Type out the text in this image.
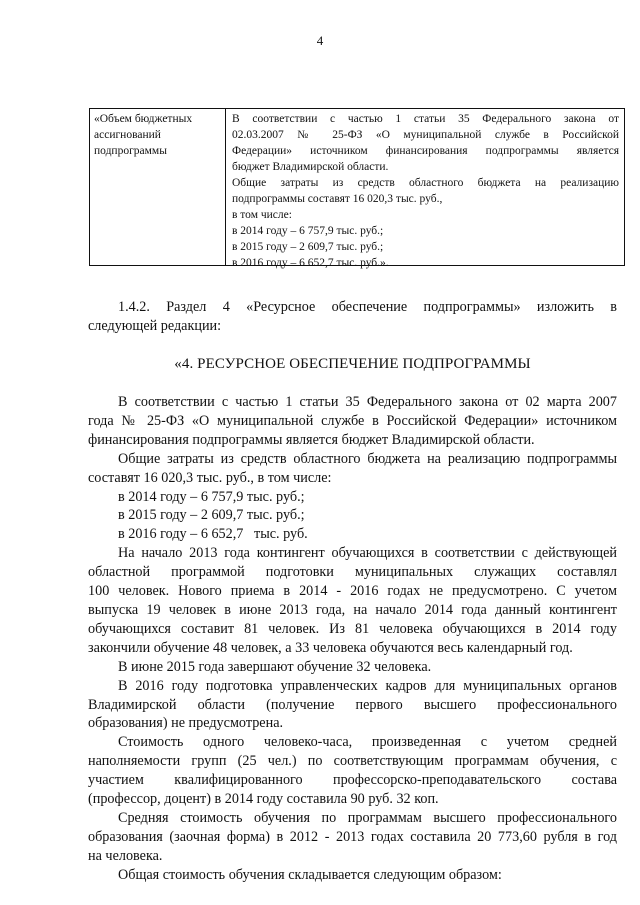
4
«Объем бюджетных ассигнований подпрограммы
В соответствии с частью 1 статьи 35 Федерального закона от
02.03.2007 № 25-ФЗ «О муниципальной службе в Российской
Федерации» источником финансирования подпрограммы является
бюджет Владимирской области.
Общие затраты из средств областного бюджета на реализацию
подпрограммы составят 16 020,3 тыс. руб.,
в том числе:
в 2014 году – 6 757,9 тыс. руб.;
в 2015 году – 2 609,7 тыс. руб.;
в 2016 году – 6 652,7 тыс. руб.».
1.4.2. Раздел 4 «Ресурсное обеспечение подпрограммы» изложить в
следующей редакции:
«4. РЕСУРСНОЕ ОБЕСПЕЧЕНИЕ ПОДПРОГРАММЫ
В соответствии с частью 1 статьи 35 Федерального закона от 02 марта 2007
года № 25-ФЗ «О муниципальной службе в Российской Федерации» источником
финансирования подпрограммы является бюджет Владимирской области.
Общие затраты из средств областного бюджета на реализацию подпрограммы
составят 16 020,3 тыс. руб., в том числе:
в 2014 году – 6 757,9 тыс. руб.;
в 2015 году – 2 609,7 тыс. руб.;
в 2016 году – 6 652,7   тыс. руб.
На начало 2013 года контингент обучающихся в соответствии с действующей
областной программой подготовки муниципальных служащих составлял
100 человек. Нового приема в 2014 - 2016 годах не предусмотрено. С учетом
выпуска 19 человек в июне 2013 года, на начало 2014 года данный контингент
обучающихся составит 81 человек. Из 81 человека обучающихся в 2014 году
закончили обучение 48 человек, а 33 человека обучаются весь календарный год.
В июне 2015 года завершают обучение 32 человека.
В 2016 году подготовка управленческих кадров для муниципальных органов
Владимирской области (получение первого высшего профессионального
образования) не предусмотрена.
Стоимость одного человеко-часа, произведенная с учетом средней
наполняемости групп (25 чел.) по соответствующим программам обучения, с
участием квалифицированного профессорско-преподавательского состава
(профессор, доцент) в 2014 году составила 90 руб. 32 коп.
Средняя стоимость обучения по программам высшего профессионального
образования (заочная форма) в 2012 - 2013 годах составила 20 773,60 рубля в год
на человека.
Общая стоимость обучения складывается следующим образом:
